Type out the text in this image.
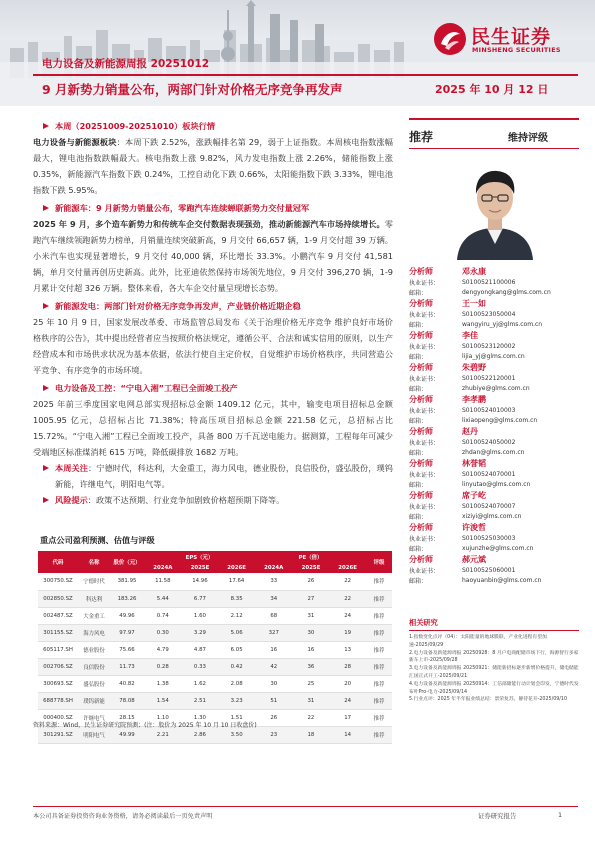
民生证券
MINSHENG SECURITIES
电力设备及新能源周报 20251012
9 月新势力销量公布，两部门针对价格无序竞争再发声	2025 年 10 月 12 日
本周（20251009-20251010）板块行情
电力设备与新能源板块：本周下跌 2.52%，涨跌幅排名第 29，弱于上证指数。本周核电指数涨幅最大，锂电池指数跌幅最大。核电指数上涨 9.82%，风力发电指数上涨 2.26%，储能指数上涨 0.35%，新能源汽车指数下跌 0.24%，工控自动化下跌 0.66%，太阳能指数下跌 3.33%，锂电池指数下跌 5.95%。
新能源车：9 月新势力销量公布，零跑汽车连续蝉联新势力交付量冠军
2025 年 9 月，多个造车新势力和传统车企交付数据表现强劲，推动新能源汽车市场持续增长。零跑汽车继续领跑新势力榜单，月销量连续突破新高，9 月交付 66,657 辆，1-9 月交付超 39 万辆。小米汽车也实现显著增长，9 月交付 40,000 辆，环比增长 33.3%。小鹏汽车 9 月交付 41,581 辆，单月交付量再创历史新高。此外，比亚迪依然保持市场领先地位，9 月交付 396,270 辆，1-9 月累计交付超 326 万辆。整体来看，各大车企交付量呈现增长态势。
新能源发电：两部门针对价格无序竞争再发声，产业链价格近期企稳
25 年 10 月 9 日，国家发展改革委、市场监管总局发布《关于治理价格无序竞争 维护良好市场价格秩序的公告》，其中提出经营者应当按照价格法规定，遵循公平、合法和诚实信用的原则，以生产经营成本和市场供求状况为基本依据，依法行使自主定价权，自觉维护市场价格秩序，共同营造公平竞争、有序竞争的市场环境。
电力设备及工控：“宁电入湘”工程已全面竣工投产
2025 年前三季度国家电网总部实现招标总金额 1409.12 亿元，其中，输变电项目招标总金额 1005.95 亿元，总招标占比 71.38%；特高压项目招标总金额 221.58 亿元，总招标占比 15.72%。“宁电入湘”工程已全面竣工投产，具备 800 万千瓦送电能力。据测算，工程每年可减少受端地区标准煤消耗 615 万吨，降低碳排放 1682 万吨。
本周关注：宁德时代，科达利，大金重工，海力风电，德业股份，良信股份，盛弘股份，璞钨新能，许继电气，明阳电气等。
风险提示：政策不达预期、行业竞争加剧致价格超预期下降等。
重点公司盈利预测、估值与评级
代码	名称	股价（元）	EPS（元）			PE（倍）			评级
			2024A	2025E	2026E	2024A	2025E	2026E	
300750.SZ	宁德时代	381.95	11.58	14.96	17.64	33	26	22	推荐
002850.SZ	科达利	183.26	5.44	6.77	8.35	34	27	22	推荐
002487.SZ	大金重工	49.96	0.74	1.60	2.12	68	31	24	推荐
301155.SZ	海力风电	97.97	0.30	3.29	5.06	327	30	19	推荐
605117.SH	德业股份	75.66	4.79	4.87	6.05	16	16	13	推荐
002706.SZ	良信股份	11.73	0.28	0.33	0.42	42	36	28	推荐
300693.SZ	盛弘股份	40.82	1.38	1.62	2.08	30	25	20	推荐
688778.SH	璞钨新能	78.08	1.54	2.51	3.23	51	31	24	推荐
000400.SZ	许继电气	28.15	1.10	1.30	1.51	26	22	17	推荐
301291.SZ	明阳电气	49.99	2.21	2.86	3.50	23	18	14	推荐
资料来源：Wind，民生证券研究院预测；(注：股价为 2025 年 10 月 10 日收盘价)
推荐	维持评级
分析师	邓永康
执业证书：	S0100521100006
邮箱：	dengyongkang@glms.com.cn
分析师	王一如
执业证书：	S0100523050004
邮箱：	wangyiru_yj@glms.com.cn
分析师	李佳
执业证书：	S0100523120002
邮箱：	lijia_yj@glms.com.cn
分析师	朱碧野
执业证书：	S0100522120001
邮箱：	zhubiye@glms.com.cn
分析师	李孝鹏
执业证书：	S0100524010003
邮箱：	lixiaopeng@glms.com.cn
分析师	赵丹
执业证书：	S0100524050002
邮箱：	zhdan@glms.com.cn
分析师	林誉韬
执业证书：	S0100524070001
邮箱：	linyutao@glms.com.cn
分析师	席子屹
执业证书：	S0100524070007
邮箱：	xiziyi@glms.com.cn
分析师	许浚哲
执业证书：	S0100525030003
邮箱：	xujunzhe@glms.com.cn
分析师	郝元斌
执业证书：	S0100525060001
邮箱：	haoyuanbin@glms.com.cn
相关研究
1.指数变化点评（04）：太阳能量的地球膜联，产业化进程有望加速-2025/09/29
2.电力设备及新能源周报 20250928：8 月户电商配储市场下行，海源智行多家新车上市-2025/09/28
3.电力设备及新能源周报 20250921：储能新招标逐步新增价格提升，储电储能汇国正式开工-2025/09/21
4.电力设备及新能源周报 20250914：工信部储能行动计划会印发，宁德时代发布叶Pro-电力-2025/09/14
5.行业点评：2025 年半年报业绩总结：景荣复苏，静待花开-2025/09/10
本公司具备证券投资咨询业务资格，请务必阅读最后一页免责声明	证券研究报告	1
